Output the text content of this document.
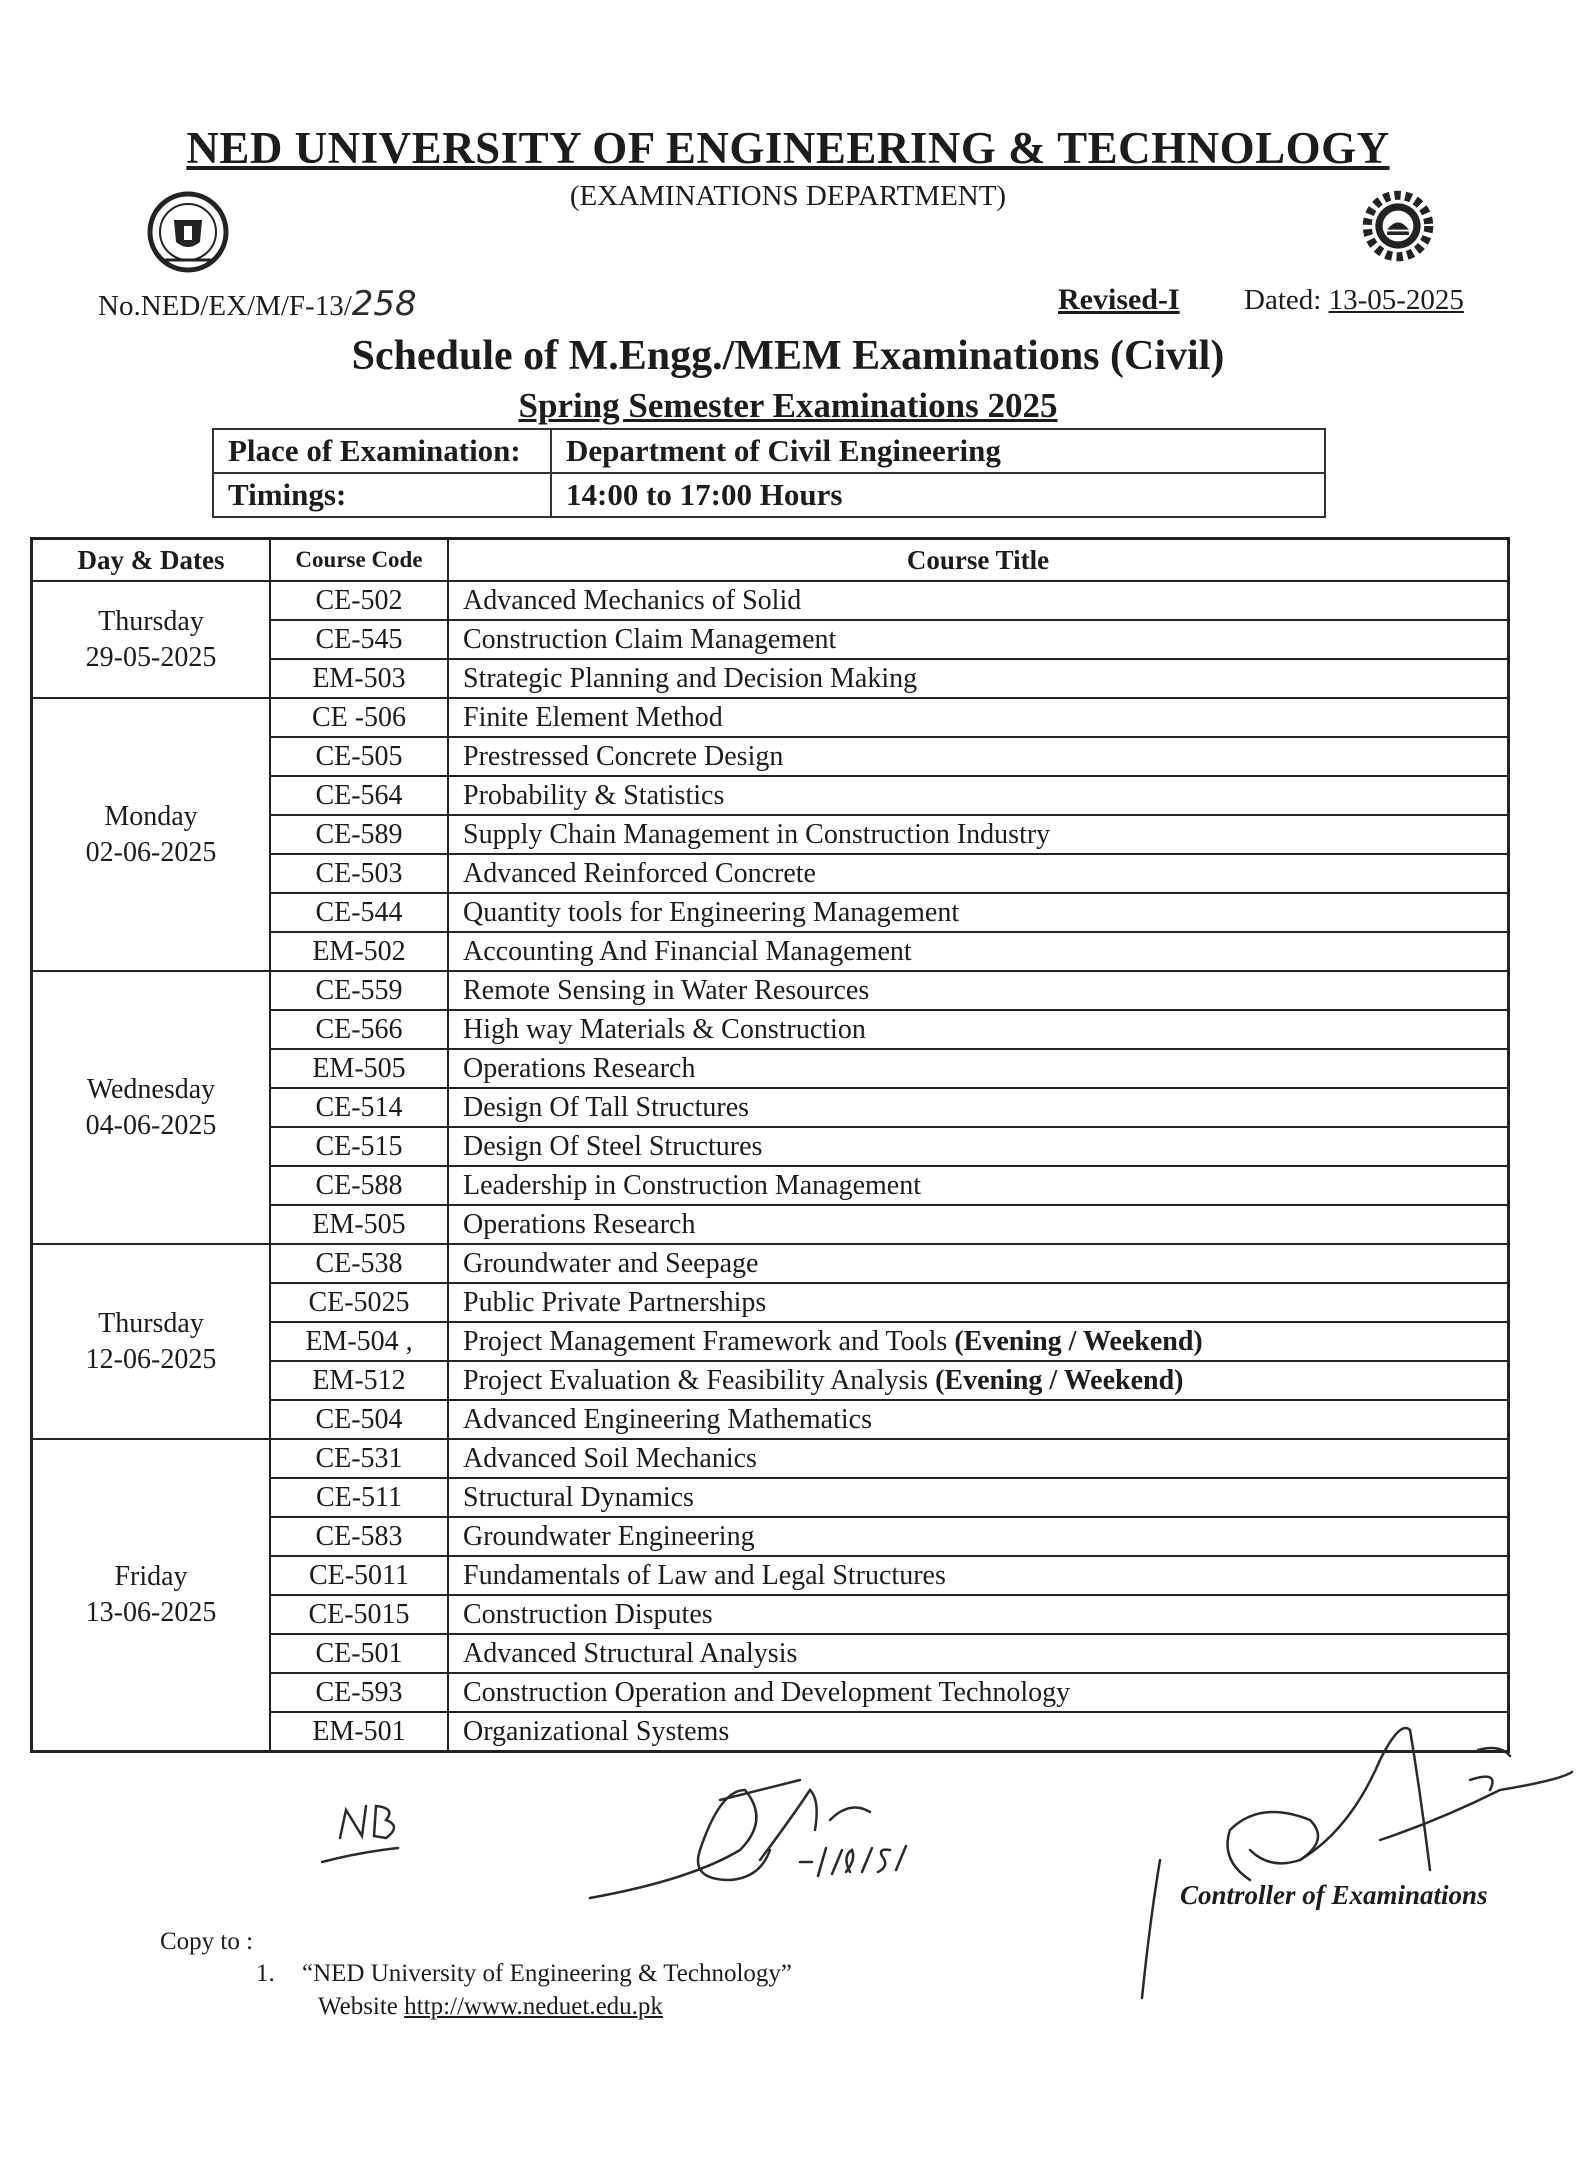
NED UNIVERSITY OF ENGINEERING & TECHNOLOGY
(EXAMINATIONS DEPARTMENT)
No.NED/EX/M/F-13/258	Revised-I Dated: 13-05-2025
Schedule of M.Engg./MEM Examinations (Civil)
Spring Semester Examinations 2025
Place of Examination:	Department of Civil Engineering
Timings:	14:00 to 17:00 Hours
Day & Dates	Course Code	Course Title

Thursday
29-05-2025	CE-502	Advanced Mechanics of Solid
	CE-545	Construction Claim Management
	EM-503	Strategic Planning and Decision Making

Monday
02-06-2025	CE -506	Finite Element Method
	CE-505	Prestressed Concrete Design
	CE-564	Probability & Statistics
	CE-589	Supply Chain Management in Construction Industry
	CE-503	Advanced Reinforced Concrete
	CE-544	Quantity tools for Engineering Management
	EM-502	Accounting And Financial Management

Wednesday
04-06-2025	CE-559	Remote Sensing in Water Resources
	CE-566	High way Materials & Construction
	EM-505	Operations Research
	CE-514	Design Of Tall Structures
	CE-515	Design Of Steel Structures
	CE-588	Leadership in Construction Management
	EM-505	Operations Research

Thursday
12-06-2025	CE-538	Groundwater and Seepage
	CE-5025	Public Private Partnerships
	EM-504 ,	Project Management Framework and Tools (Evening / Weekend)
	EM-512	Project Evaluation & Feasibility Analysis (Evening / Weekend)
	CE-504	Advanced Engineering Mathematics

Friday
13-06-2025	CE-531	Advanced Soil Mechanics
	CE-511	Structural Dynamics
	CE-583	Groundwater Engineering
	CE-5011	Fundamentals of Law and Legal Structures
	CE-5015	Construction Disputes
	CE-501	Advanced Structural Analysis
	CE-593	Construction Operation and Development Technology
	EM-501	Organizational Systems
Controller of Examinations
Copy to :
1. “NED University of Engineering & Technology”
Website http://www.neduet.edu.pk
